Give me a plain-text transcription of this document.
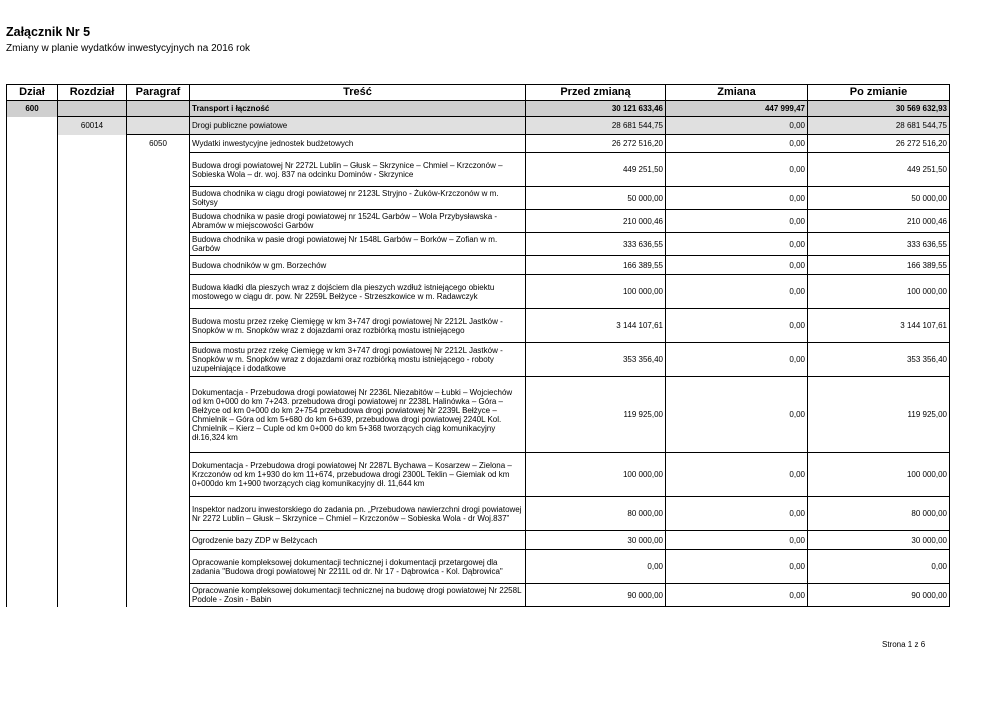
Załącznik Nr 5
Zmiany w planie wydatków inwestycyjnych na 2016 rok
Dział	Rozdział	Paragraf	Treść	Przed zmianą	Zmiana	Po zmianie
600			Transport i łączność	30 121 633,46	447 999,47	30 569 632,93
	60014		Drogi publiczne powiatowe	28 681 544,75	0,00	28 681 544,75
		6050	Wydatki inwestycyjne jednostek budżetowych	26 272 516,20	0,00	26 272 516,20
			Budowa drogi powiatowej Nr 2272L Lublin – Głusk – Skrzynice – Chmiel – Krzczonów – Sobieska Wola – dr. woj. 837 na odcinku Dominów - Skrzynice	449 251,50	0,00	449 251,50
			Budowa chodnika w ciągu drogi powiatowej nr 2123L Stryjno - Żuków-Krzczonów w m. Sołtysy	50 000,00	0,00	50 000,00
			Budowa chodnika w pasie drogi powiatowej nr 1524L Garbów – Wola Przybysławska - Abramów w miejscowości Garbów	210 000,46	0,00	210 000,46
			Budowa chodnika w pasie drogi powiatowej Nr 1548L Garbów – Borków – Zofian w m. Garbów	333 636,55	0,00	333 636,55
			Budowa chodników w gm. Borzechów	166 389,55	0,00	166 389,55
			Budowa kładki dla pieszych wraz z dojściem dla pieszych wzdłuż istniejącego obiektu mostowego w ciągu dr. pow. Nr 2259L Bełżyce - Strzeszkowice w m. Radawczyk	100 000,00	0,00	100 000,00
			Budowa mostu przez rzekę Ciemięgę w km 3+747 drogi powiatowej Nr 2212L Jastków - Snopków w m. Snopków wraz z dojazdami oraz rozbiórką mostu istniejącego	3 144 107,61	0,00	3 144 107,61
			Budowa mostu przez rzekę Ciemięgę w km 3+747 drogi powiatowej Nr 2212L Jastków - Snopków w m. Snopków wraz z dojazdami oraz rozbiórką mostu istniejącego - roboty uzupełniające i dodatkowe	353 356,40	0,00	353 356,40
			Dokumentacja - Przebudowa drogi powiatowej Nr 2236L Niezabitów – Łubki – Wojciechów od km 0+000 do km 7+243. przebudowa drogi powiatowej nr 2238L Halinówka – Góra – Bełżyce od km 0+000 do km 2+754 przebudowa drogi powiatowej Nr 2239L Bełżyce – Chmielnik – Góra od km 5+680 do km 6+639, przebudowa drogi powiatowej 2240L Kol. Chmielnik – Kierz – Cuple od km 0+000 do km 5+368 tworzących ciąg komunikacyjny dł.16,324 km	119 925,00	0,00	119 925,00
			Dokumentacja - Przebudowa drogi powiatowej Nr 2287L Bychawa – Kosarzew – Zielona – Krzczonów od km 1+930 do km 11+674, przebudowa drogi 2300L Teklin – Giemiak od km 0+000do km 1+900 tworzących ciąg komunikacyjny dł. 11,644 km	100 000,00	0,00	100 000,00
			Inspektor nadzoru inwestorskiego do zadania pn. „Przebudowa nawierzchni drogi powiatowej Nr 2272 Lublin – Głusk – Skrzynice – Chmiel – Krzczonów – Sobieska Wola - dr Woj.837”	80 000,00	0,00	80 000,00
			Ogrodzenie bazy ZDP w Bełżycach	30 000,00	0,00	30 000,00
			Opracowanie kompleksowej dokumentacji technicznej i dokumentacji przetargowej dla zadania "Budowa drogi powiatowej Nr 2211L od dr. Nr 17 - Dąbrowica - Kol. Dąbrowica"	0,00	0,00	0,00
			Opracowanie kompleksowej dokumentacji technicznej na budowę drogi powiatowej Nr 2258L Podole - Zosin - Babin	90 000,00	0,00	90 000,00
Strona 1 z 6
